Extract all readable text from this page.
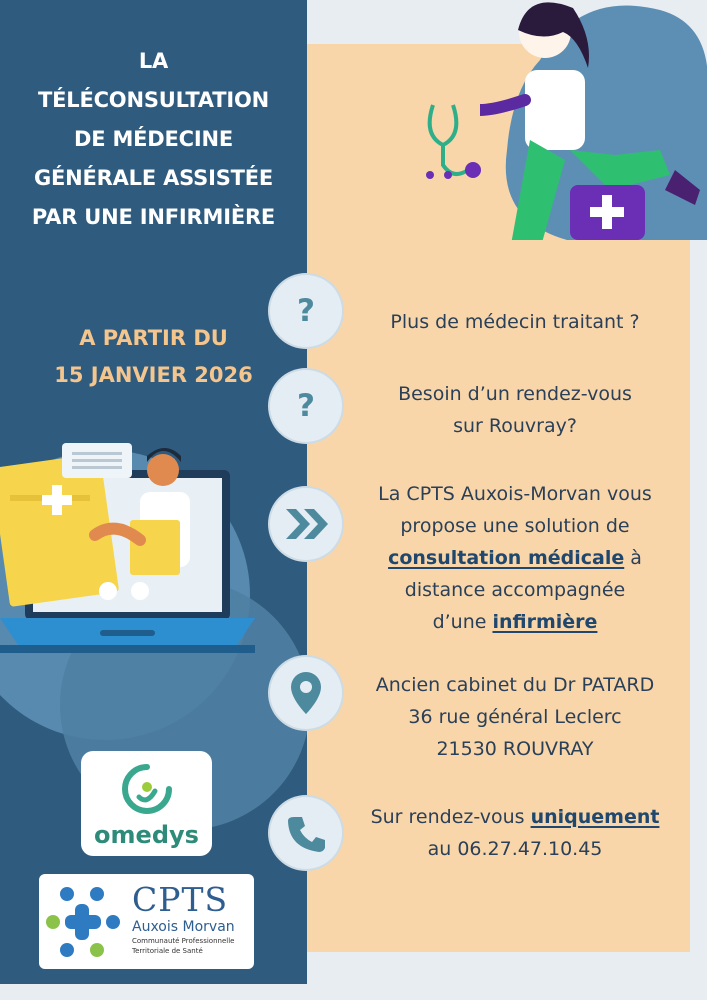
LA
TÉLÉCONSULTATION
DE MÉDECINE
GÉNÉRALE ASSISTÉE
PAR UNE INFIRMIÈRE
A PARTIR DU
15 JANVIER 2026
omedys
CPTS
Auxois Morvan
Communauté Professionnelle
Territoriale de Santé
?	Plus de médecin traitant ?
?	Besoin d’un rendez-vous
sur Rouvray?
La CPTS Auxois-Morvan vous
propose une solution de
consultation médicale à
distance accompagnée
d’une infirmière
Ancien cabinet du Dr PATARD
36 rue général Leclerc
21530 ROUVRAY
Sur rendez-vous uniquement
au 06.27.47.10.45
